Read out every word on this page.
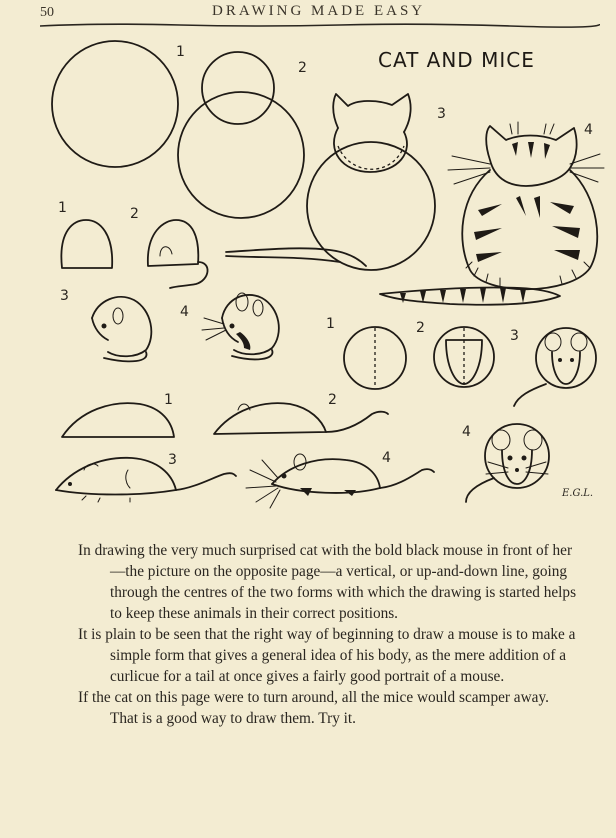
50	DRAWING MADE EASY
CAT AND MICE
1
2
3
4
1	2
3
4
1	2	3
4
1	2
3	4
E.G.L.

In drawing the very much surprised cat with the bold black mouse in front of her—the picture on the opposite page—a vertical, or up-and-down line, going through the centres of the two forms with which the drawing is started helps to keep these animals in their correct positions.

It is plain to be seen that the right way of beginning to draw a mouse is to make a simple form that gives a general idea of his body, as the mere addition of a curlicue for a tail at once gives a fairly good portrait of a mouse.

If the cat on this page were to turn around, all the mice would scamper away. That is a good way to draw them. Try it.
